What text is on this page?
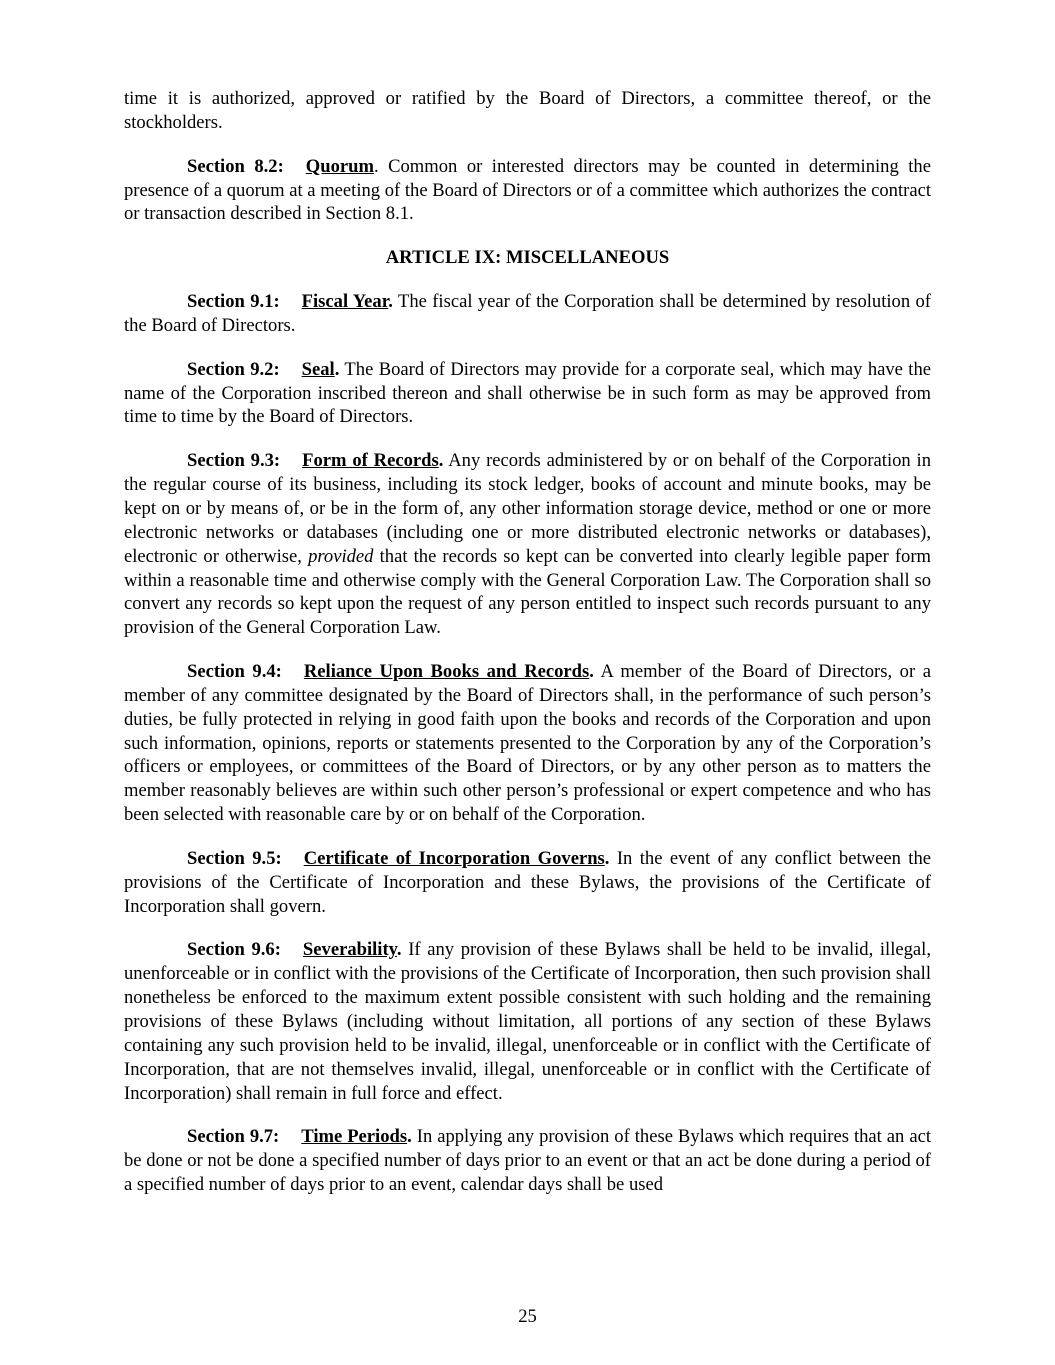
time it is authorized, approved or ratified by the Board of Directors, a committee thereof, or the stockholders.

Section 8.2: Quorum. Common or interested directors may be counted in determining the presence of a quorum at a meeting of the Board of Directors or of a committee which authorizes the contract or transaction described in Section 8.1.

ARTICLE IX: MISCELLANEOUS

Section 9.1: Fiscal Year. The fiscal year of the Corporation shall be determined by resolution of the Board of Directors.

Section 9.2: Seal. The Board of Directors may provide for a corporate seal, which may have the name of the Corporation inscribed thereon and shall otherwise be in such form as may be approved from time to time by the Board of Directors.

Section 9.3: Form of Records. Any records administered by or on behalf of the Corporation in the regular course of its business, including its stock ledger, books of account and minute books, may be kept on or by means of, or be in the form of, any other information storage device, method or one or more electronic networks or databases (including one or more distributed electronic networks or databases), electronic or otherwise, provided that the records so kept can be converted into clearly legible paper form within a reasonable time and otherwise comply with the General Corporation Law. The Corporation shall so convert any records so kept upon the request of any person entitled to inspect such records pursuant to any provision of the General Corporation Law.

Section 9.4: Reliance Upon Books and Records. A member of the Board of Directors, or a member of any committee designated by the Board of Directors shall, in the performance of such person’s duties, be fully protected in relying in good faith upon the books and records of the Corporation and upon such information, opinions, reports or statements presented to the Corporation by any of the Corporation’s officers or employees, or committees of the Board of Directors, or by any other person as to matters the member reasonably believes are within such other person’s professional or expert competence and who has been selected with reasonable care by or on behalf of the Corporation.

Section 9.5: Certificate of Incorporation Governs. In the event of any conflict between the provisions of the Certificate of Incorporation and these Bylaws, the provisions of the Certificate of Incorporation shall govern.

Section 9.6: Severability. If any provision of these Bylaws shall be held to be invalid, illegal, unenforceable or in conflict with the provisions of the Certificate of Incorporation, then such provision shall nonetheless be enforced to the maximum extent possible consistent with such holding and the remaining provisions of these Bylaws (including without limitation, all portions of any section of these Bylaws containing any such provision held to be invalid, illegal, unenforceable or in conflict with the Certificate of Incorporation, that are not themselves invalid, illegal, unenforceable or in conflict with the Certificate of Incorporation) shall remain in full force and effect.

Section 9.7: Time Periods. In applying any provision of these Bylaws which requires that an act be done or not be done a specified number of days prior to an event or that an act be done during a period of a specified number of days prior to an event, calendar days shall be used

25
